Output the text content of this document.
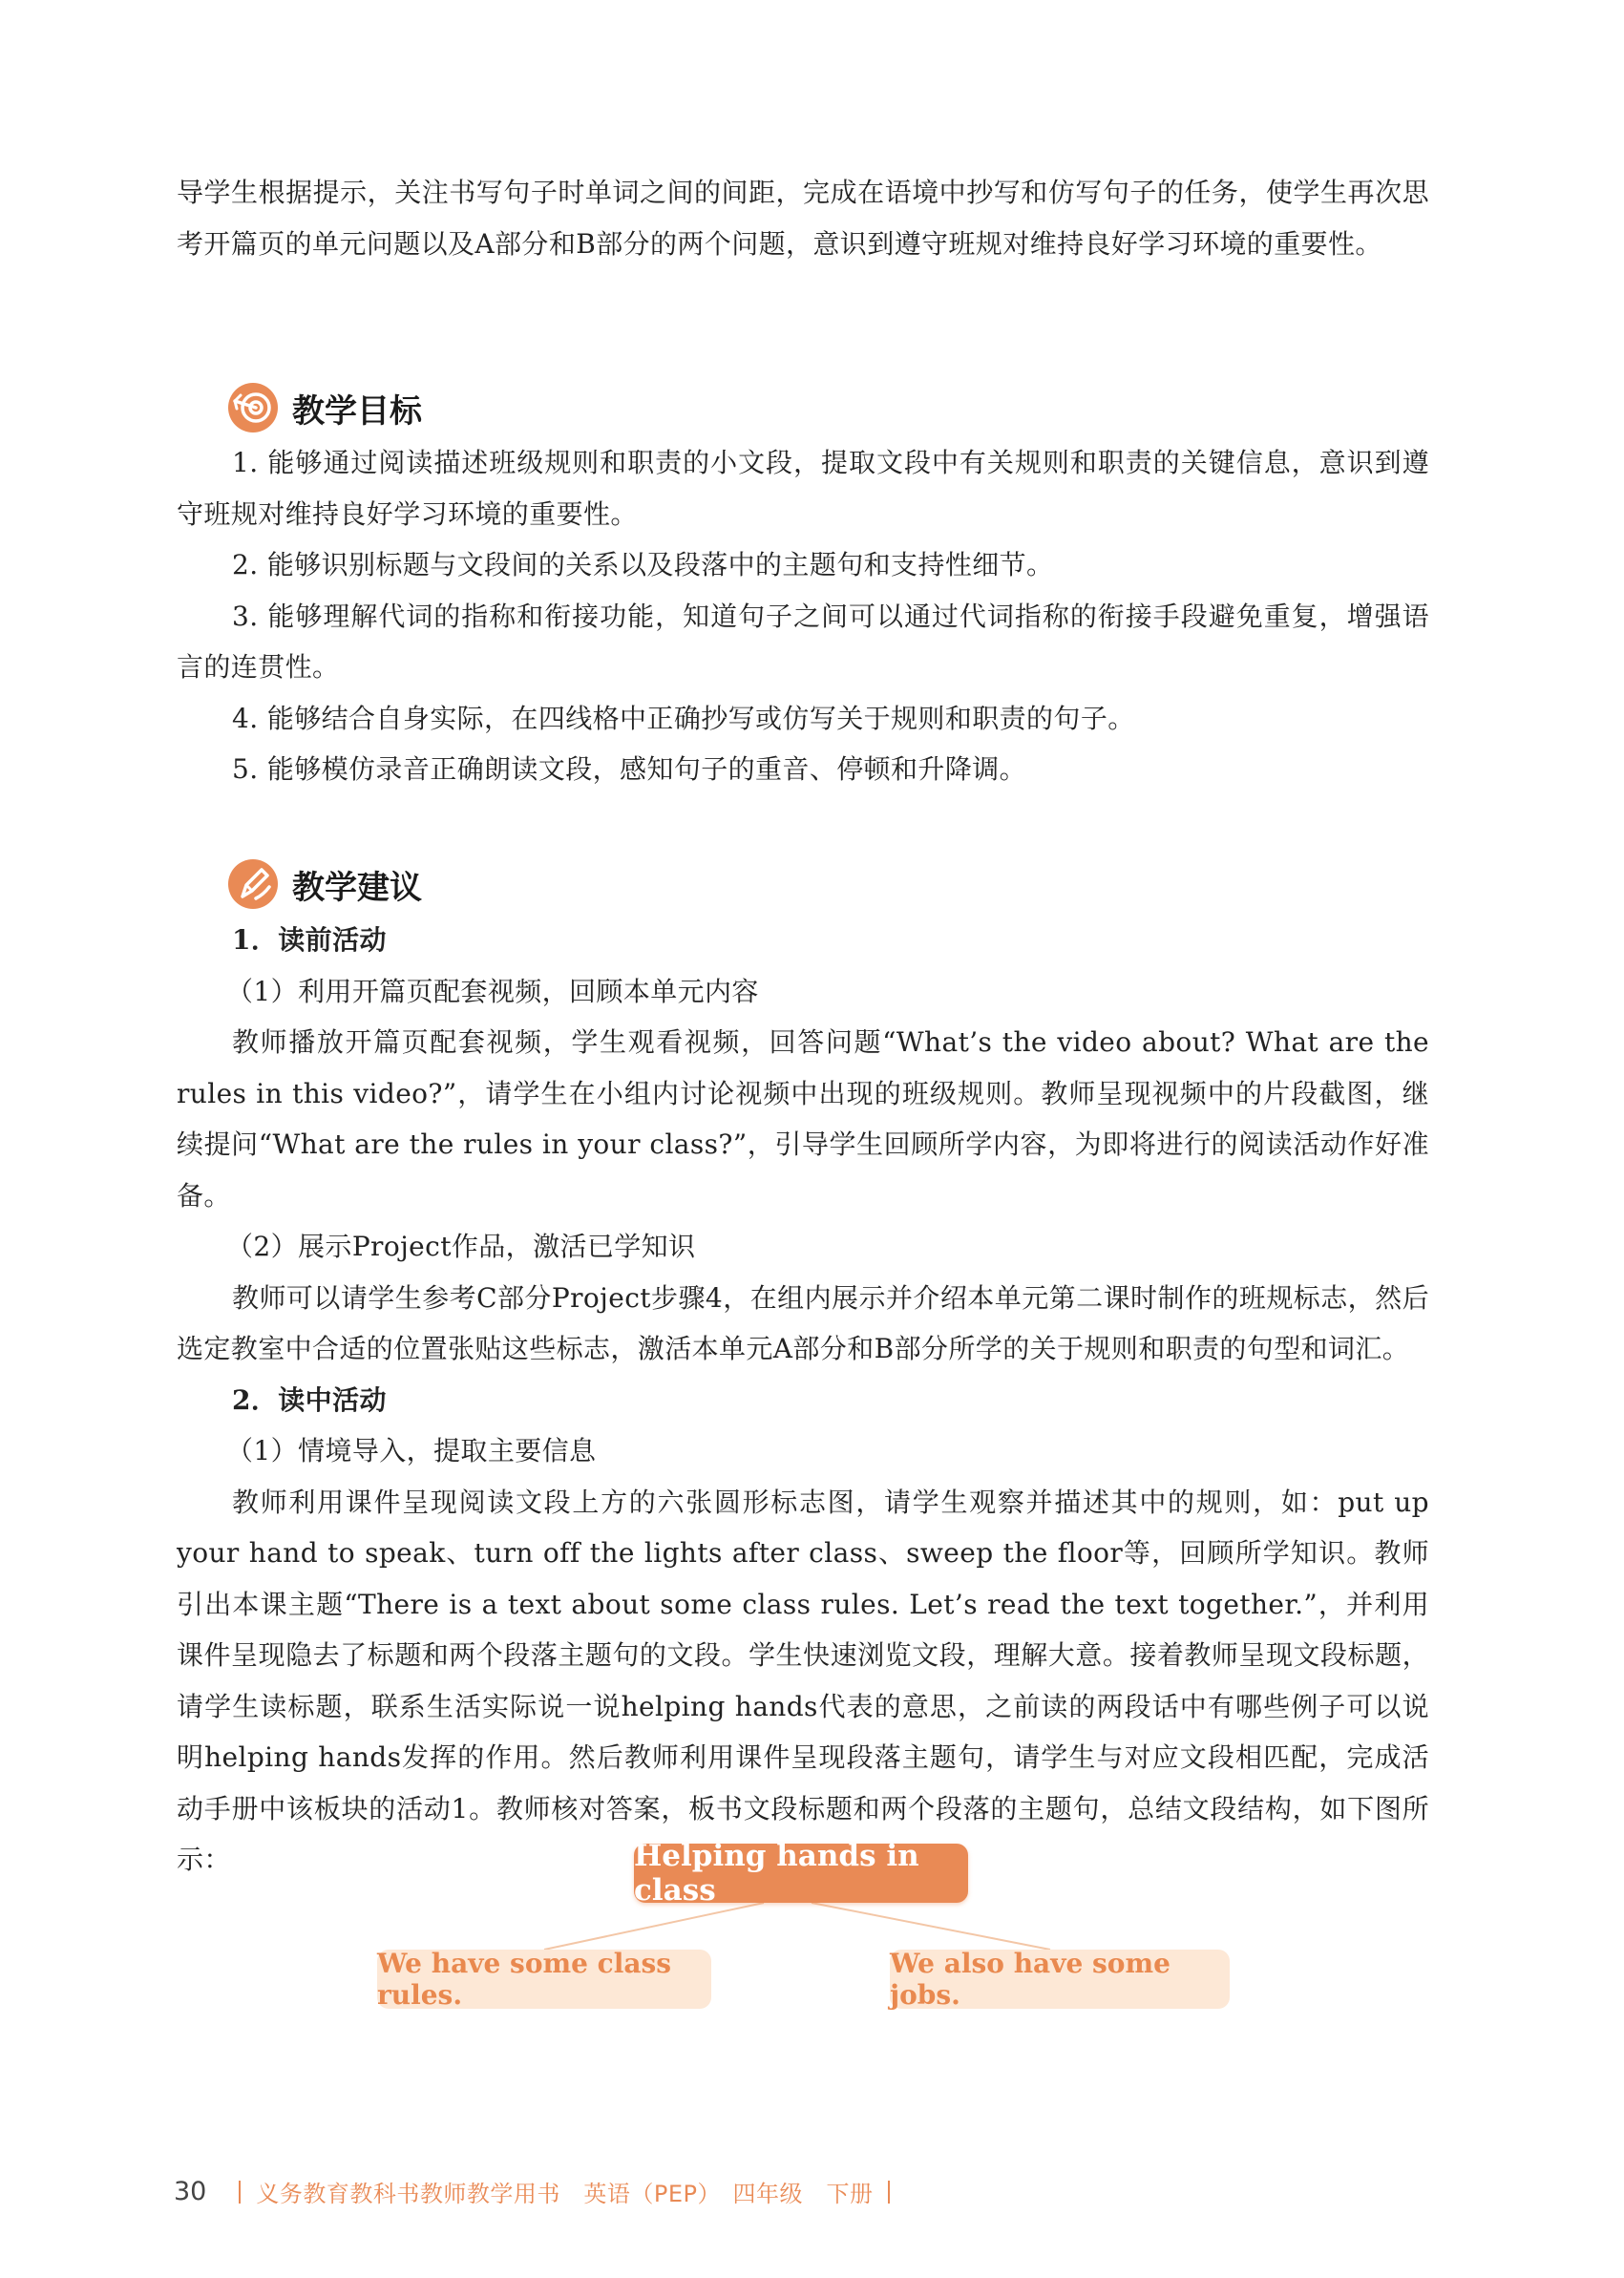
导学生根据提示，关注书写句子时单词之间的间距，完成在语境中抄写和仿写句子的任务，使学生再次思考开篇页的单元问题以及A部分和B部分的两个问题，意识到遵守班规对维持良好学习环境的重要性。

教学目标

1. 能够通过阅读描述班级规则和职责的小文段，提取文段中有关规则和职责的关键信息，意识到遵守班规对维持良好学习环境的重要性。

2. 能够识别标题与文段间的关系以及段落中的主题句和支持性细节。

3. 能够理解代词的指称和衔接功能，知道句子之间可以通过代词指称的衔接手段避免重复，增强语言的连贯性。

4. 能够结合自身实际，在四线格中正确抄写或仿写关于规则和职责的句子。

5. 能够模仿录音正确朗读文段，感知句子的重音、停顿和升降调。

教学建议

1．读前活动

（1）利用开篇页配套视频，回顾本单元内容

教师播放开篇页配套视频，学生观看视频，回答问题“What’s the video about? What are the rules in this video?”，请学生在小组内讨论视频中出现的班级规则。教师呈现视频中的片段截图，继续提问“What are the rules in your class?”，引导学生回顾所学内容，为即将进行的阅读活动作好准备。

（2）展示Project作品，激活已学知识

教师可以请学生参考C部分Project步骤4，在组内展示并介绍本单元第二课时制作的班规标志，然后选定教室中合适的位置张贴这些标志，激活本单元A部分和B部分所学的关于规则和职责的句型和词汇。

2．读中活动

（1）情境导入，提取主要信息

教师利用课件呈现阅读文段上方的六张圆形标志图，请学生观察并描述其中的规则，如：put up your hand to speak、turn off the lights after class、sweep the floor等，回顾所学知识。教师引出本课主题“There is a text about some class rules. Let’s read the text together.”，并利用课件呈现隐去了标题和两个段落主题句的文段。学生快速浏览文段，理解大意。接着教师呈现文段标题，请学生读标题，联系生活实际说一说helping hands代表的意思，之前读的两段话中有哪些例子可以说明helping hands发挥的作用。然后教师利用课件呈现段落主题句，请学生与对应文段相匹配，完成活动手册中该板块的活动1。教师核对答案，板书文段标题和两个段落的主题句，总结文段结构，如下图所示：	Helping hands in class
We have some class rules.
We also have some jobs.
30 义务教育教科书教师教学用书　英语（PEP）　四年级　下册
